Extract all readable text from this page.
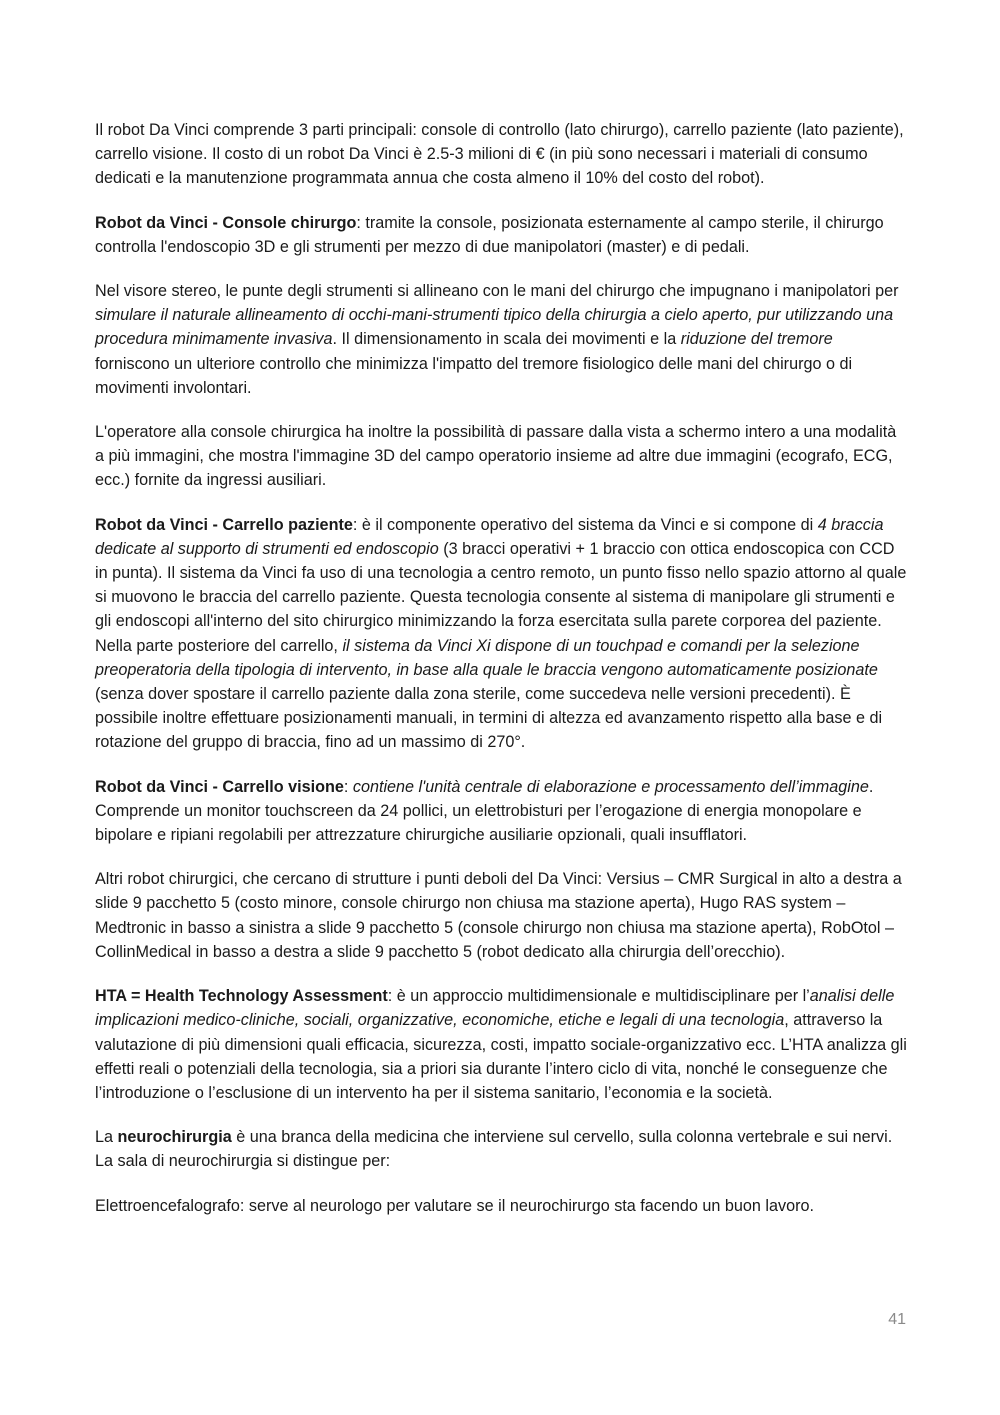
Il robot Da Vinci comprende 3 parti principali: console di controllo (lato chirurgo), carrello paziente (lato paziente), carrello visione. Il costo di un robot Da Vinci è 2.5-3 milioni di € (in più sono necessari i materiali di consumo dedicati e la manutenzione programmata annua che costa almeno il 10% del costo del robot).

Robot da Vinci - Console chirurgo: tramite la console, posizionata esternamente al campo sterile, il chirurgo controlla l'endoscopio 3D e gli strumenti per mezzo di due manipolatori (master) e di pedali.

Nel visore stereo, le punte degli strumenti si allineano con le mani del chirurgo che impugnano i manipolatori per simulare il naturale allineamento di occhi-mani-strumenti tipico della chirurgia a cielo aperto, pur utilizzando una procedura minimamente invasiva. Il dimensionamento in scala dei movimenti e la riduzione del tremore forniscono un ulteriore controllo che minimizza l'impatto del tremore fisiologico delle mani del chirurgo o di movimenti involontari.

L'operatore alla console chirurgica ha inoltre la possibilità di passare dalla vista a schermo intero a una modalità a più immagini, che mostra l'immagine 3D del campo operatorio insieme ad altre due immagini (ecografo, ECG, ecc.) fornite da ingressi ausiliari.

Robot da Vinci - Carrello paziente: è il componente operativo del sistema da Vinci e si compone di 4 braccia dedicate al supporto di strumenti ed endoscopio (3 bracci operativi + 1 braccio con ottica endoscopica con CCD in punta). Il sistema da Vinci fa uso di una tecnologia a centro remoto, un punto fisso nello spazio attorno al quale si muovono le braccia del carrello paziente. Questa tecnologia consente al sistema di manipolare gli strumenti e gli endoscopi all'interno del sito chirurgico minimizzando la forza esercitata sulla parete corporea del paziente. Nella parte posteriore del carrello, il sistema da Vinci Xi dispone di un touchpad e comandi per la selezione preoperatoria della tipologia di intervento, in base alla quale le braccia vengono automaticamente posizionate (senza dover spostare il carrello paziente dalla zona sterile, come succedeva nelle versioni precedenti). È possibile inoltre effettuare posizionamenti manuali, in termini di altezza ed avanzamento rispetto alla base e di rotazione del gruppo di braccia, fino ad un massimo di 270°.

Robot da Vinci - Carrello visione: contiene l'unità centrale di elaborazione e processamento dell’immagine. Comprende un monitor touchscreen da 24 pollici, un elettrobisturi per l’erogazione di energia monopolare e bipolare e ripiani regolabili per attrezzature chirurgiche ausiliarie opzionali, quali insufflatori.

Altri robot chirurgici, che cercano di strutture i punti deboli del Da Vinci: Versius – CMR Surgical in alto a destra a slide 9 pacchetto 5 (costo minore, console chirurgo non chiusa ma stazione aperta), Hugo RAS system – Medtronic in basso a sinistra a slide 9 pacchetto 5 (console chirurgo non chiusa ma stazione aperta), RobOtol – CollinMedical in basso a destra a slide 9 pacchetto 5 (robot dedicato alla chirurgia dell’orecchio).

HTA = Health Technology Assessment: è un approccio multidimensionale e multidisciplinare per l’analisi delle implicazioni medico-cliniche, sociali, organizzative, economiche, etiche e legali di una tecnologia, attraverso la valutazione di più dimensioni quali efficacia, sicurezza, costi, impatto sociale-organizzativo ecc. L’HTA analizza gli effetti reali o potenziali della tecnologia, sia a priori sia durante l’intero ciclo di vita, nonché le conseguenze che l’introduzione o l’esclusione di un intervento ha per il sistema sanitario, l’economia e la società.

La neurochirurgia è una branca della medicina che interviene sul cervello, sulla colonna vertebrale e sui nervi. La sala di neurochirurgia si distingue per:

Elettroencefalografo: serve al neurologo per valutare se il neurochirurgo sta facendo un buon lavoro.

41
